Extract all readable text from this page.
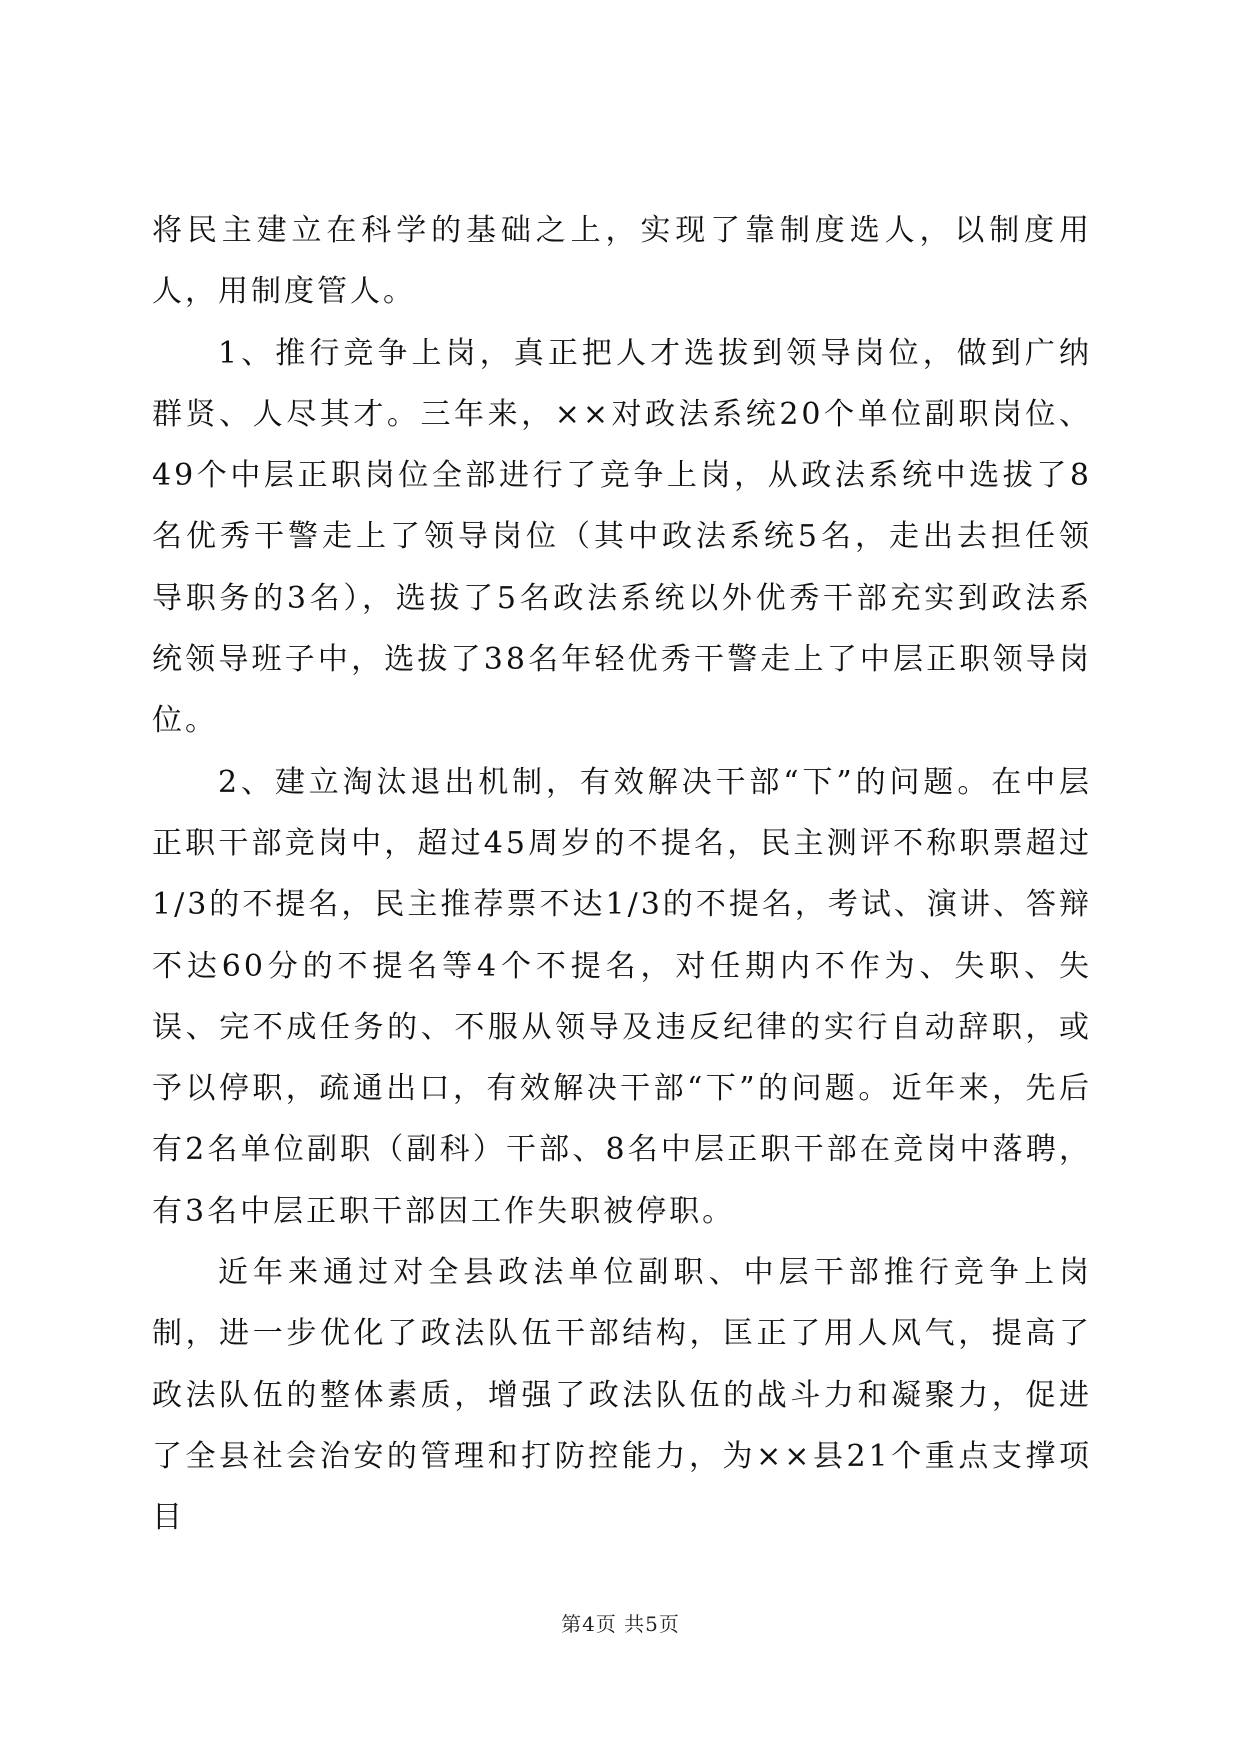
将民主建立在科学的基础之上，实现了靠制度选人，以制度用人，用制度管人。

1、推行竞争上岗，真正把人才选拔到领导岗位，做到广纳群贤、人尽其才。三年来，××对政法系统20个单位副职岗位、49个中层正职岗位全部进行了竞争上岗，从政法系统中选拔了8名优秀干警走上了领导岗位（其中政法系统5名，走出去担任领导职务的3名），选拔了5名政法系统以外优秀干部充实到政法系统领导班子中，选拔了38名年轻优秀干警走上了中层正职领导岗位。

2、建立淘汰退出机制，有效解决干部“下”的问题。在中层正职干部竞岗中，超过45周岁的不提名，民主测评不称职票超过1/3的不提名，民主推荐票不达1/3的不提名，考试、演讲、答辩不达60分的不提名等4个不提名，对任期内不作为、失职、失误、完不成任务的、不服从领导及违反纪律的实行自动辞职，或予以停职，疏通出口，有效解决干部“下”的问题。近年来，先后有2名单位副职（副科）干部、8名中层正职干部在竞岗中落聘，有3名中层正职干部因工作失职被停职。

近年来通过对全县政法单位副职、中层干部推行竞争上岗制，进一步优化了政法队伍干部结构，匡正了用人风气，提高了政法队伍的整体素质，增强了政法队伍的战斗力和凝聚力，促进了全县社会治安的管理和打防控能力，为××县21个重点支撑项目

第4页 共5页
